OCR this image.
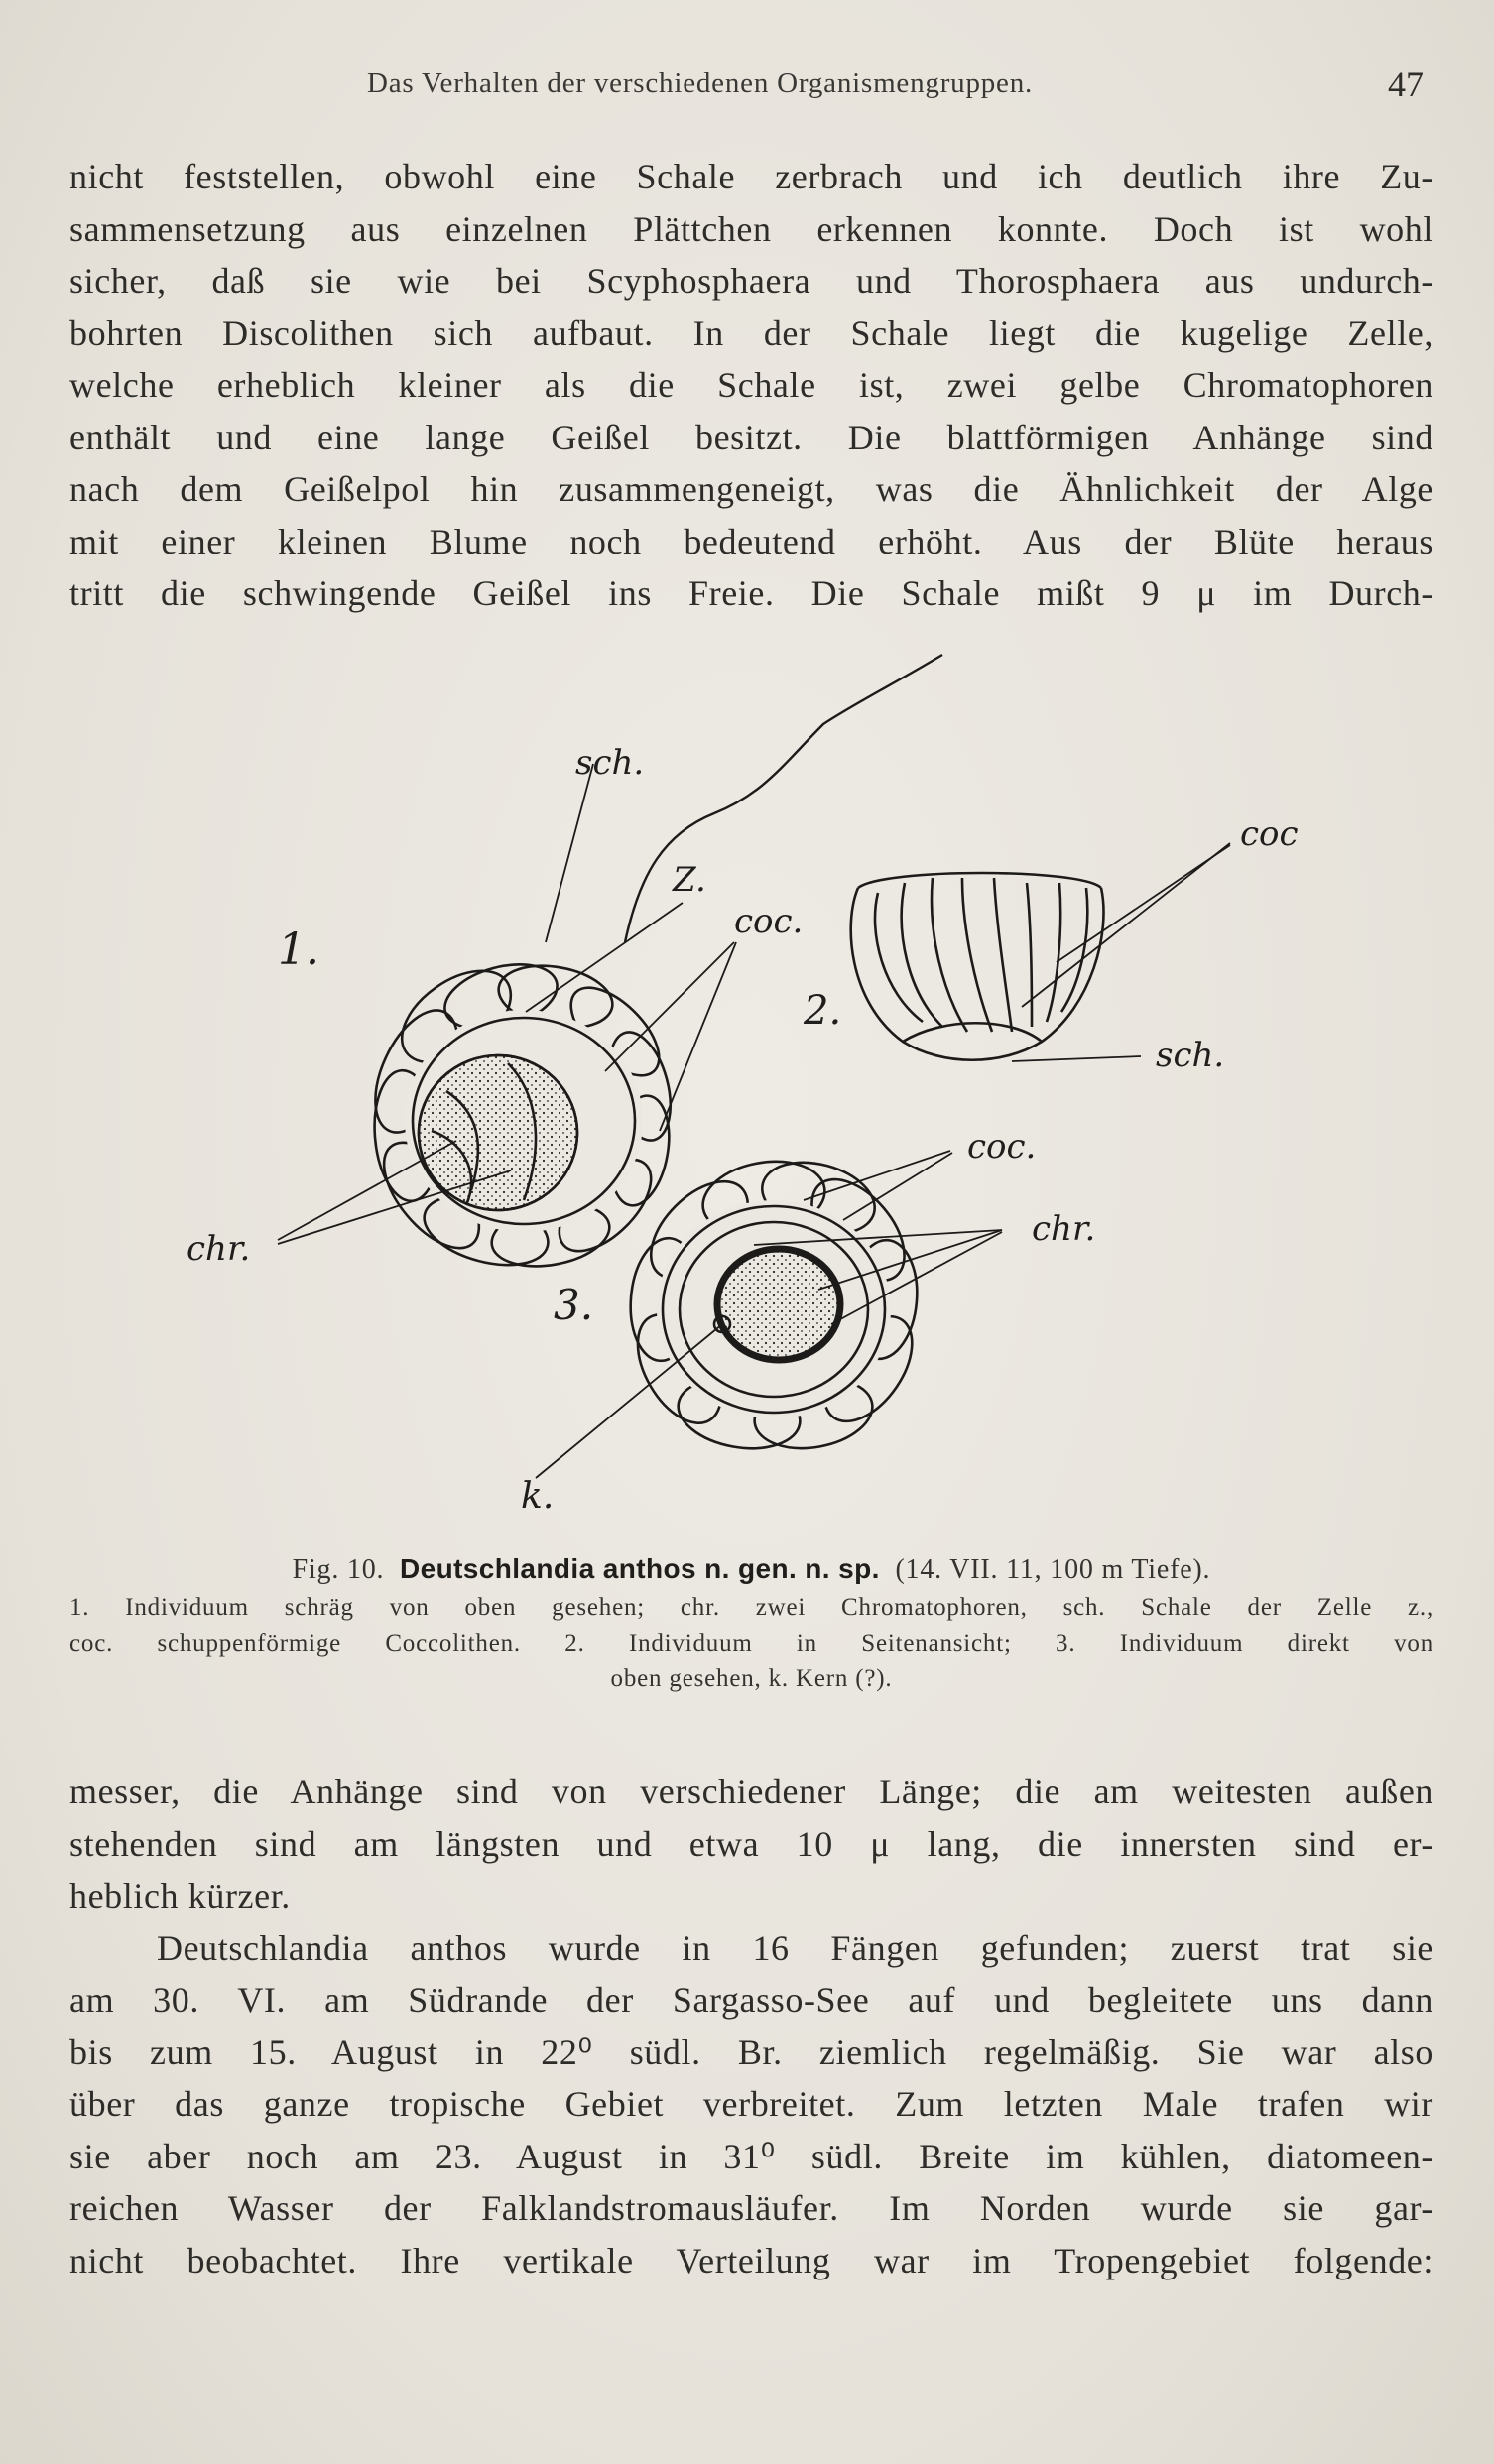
Das Verhalten der verschiedenen Organismengruppen.	47
nicht feststellen, obwohl eine Schale zerbrach und ich deutlich ihre Zu-
sammensetzung aus einzelnen Plättchen erkennen konnte. Doch ist wohl
sicher, daß sie wie bei Scyphosphaera und Thorosphaera aus undurch-
bohrten Discolithen sich aufbaut. In der Schale liegt die kugelige Zelle,
welche erheblich kleiner als die Schale ist, zwei gelbe Chromatophoren
enthält und eine lange Geißel besitzt. Die blattförmigen Anhänge sind
nach dem Geißelpol hin zusammengeneigt, was die Ähnlichkeit der Alge
mit einer kleinen Blume noch bedeutend erhöht. Aus der Blüte heraus
tritt die schwingende Geißel ins Freie. Die Schale mißt 9 μ im Durch-
sch.
Z.
coc.
1.
chr.
coc
2.
sch.
coc.
chr.
3.
k.
Fig. 10. Deutschlandia anthos n. gen. n. sp. (14. VII. 11, 100 m Tiefe).
1. Individuum schräg von oben gesehen; chr. zwei Chromatophoren, sch. Schale der Zelle z.,
coc. schuppenförmige Coccolithen. 2. Individuum in Seitenansicht; 3. Individuum direkt von
oben gesehen, k. Kern (?).
messer, die Anhänge sind von verschiedener Länge; die am weitesten außen
stehenden sind am längsten und etwa 10 μ lang, die innersten sind er-
heblich kürzer.
Deutschlandia anthos wurde in 16 Fängen gefunden; zuerst trat sie
am 30. VI. am Südrande der Sargasso-See auf und begleitete uns dann
bis zum 15. August in 22⁰ südl. Br. ziemlich regelmäßig. Sie war also
über das ganze tropische Gebiet verbreitet. Zum letzten Male trafen wir
sie aber noch am 23. August in 31⁰ südl. Breite im kühlen, diatomeen-
reichen Wasser der Falklandstromausläufer. Im Norden wurde sie gar-
nicht beobachtet. Ihre vertikale Verteilung war im Tropengebiet folgende:
